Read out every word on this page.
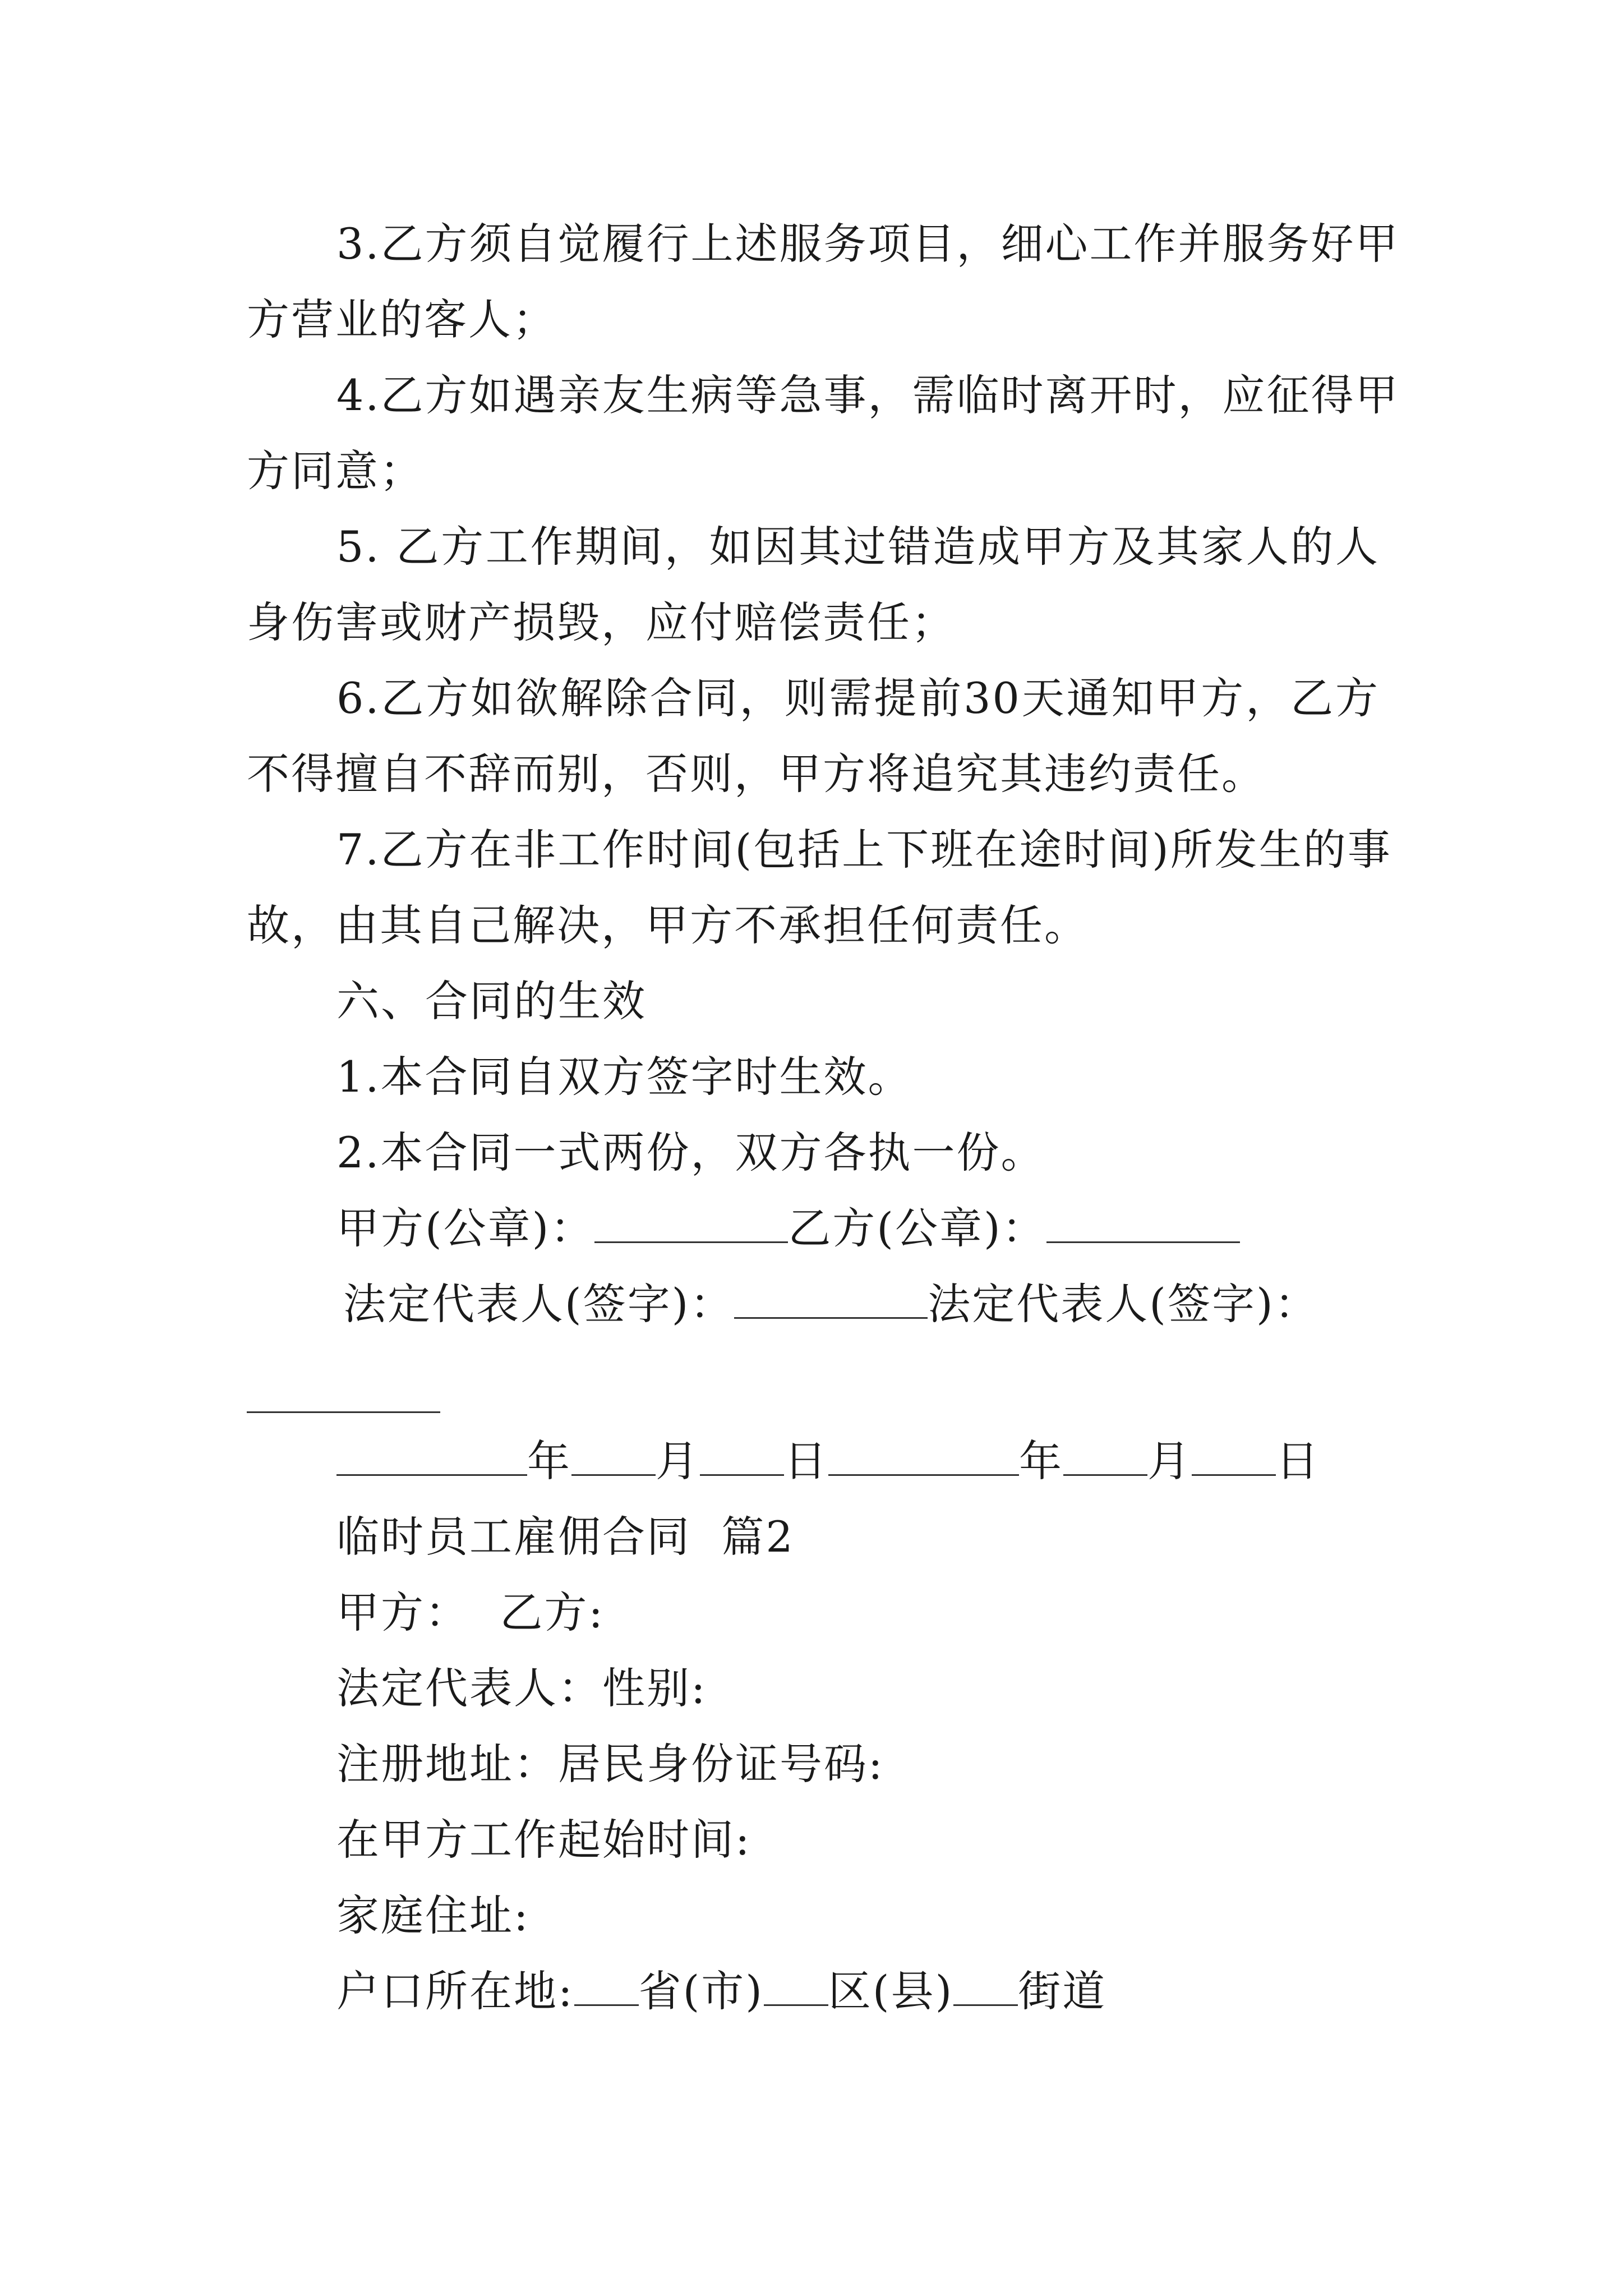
3.乙方须自觉履行上述服务项目，细心工作并服务好甲
方营业的客人；
4.乙方如遇亲友生病等急事，需临时离开时，应征得甲
方同意；
5. 乙方工作期间，如因其过错造成甲方及其家人的人
身伤害或财产损毁，应付赔偿责任；
6.乙方如欲解除合同，则需提前30天通知甲方，乙方
不得擅自不辞而别，否则，甲方将追究其违约责任。
7.乙方在非工作时间(包括上下班在途时间)所发生的事
故，由其自己解决，甲方不承担任何责任。
六、合同的生效
1.本合同自双方签字时生效。
2.本合同一式两份，双方各执一份。
甲方(公章)：	乙方(公章)：
法定代表人(签字)：	法定代表人(签字)：
年 月 日	年 月 日
临时员工雇佣合同  篇2
甲方：  乙方:
法定代表人：性别:
注册地址：居民身份证号码:
在甲方工作起始时间:
家庭住址:
户口所在地: 省(市) 区(县) 街道
